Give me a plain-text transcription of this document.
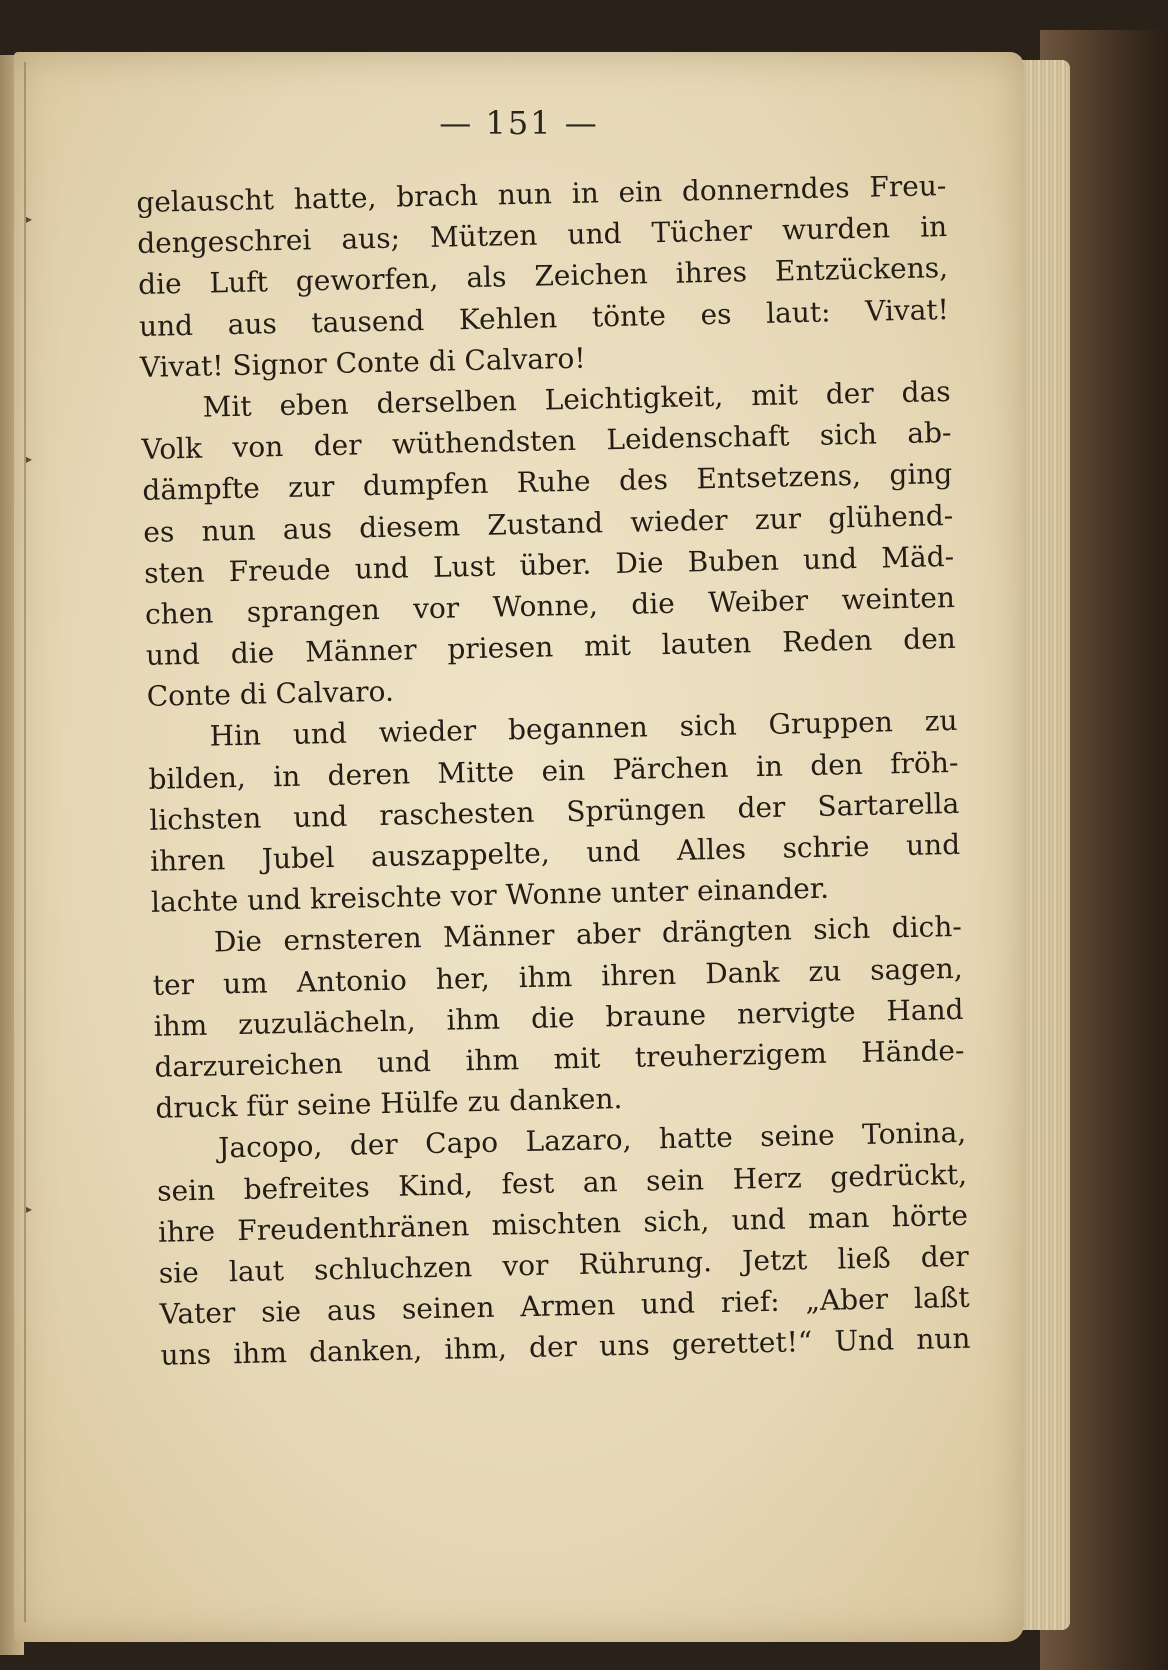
▸
▸
▸
— 151 —
gelauscht hatte, brach nun in ein donnerndes Freu-
dengeschrei aus; Mützen und Tücher wurden in
die Luft geworfen, als Zeichen ihres Entzückens,
und aus tausend Kehlen tönte es laut: Vivat!
Vivat! Signor Conte di Calvaro!
Mit eben derselben Leichtigkeit, mit der das
Volk von der wüthendsten Leidenschaft sich ab-
dämpfte zur dumpfen Ruhe des Entsetzens, ging
es nun aus diesem Zustand wieder zur glühend-
sten Freude und Lust über. Die Buben und Mäd-
chen sprangen vor Wonne, die Weiber weinten
und die Männer priesen mit lauten Reden den
Conte di Calvaro.
Hin und wieder begannen sich Gruppen zu
bilden, in deren Mitte ein Pärchen in den fröh-
lichsten und raschesten Sprüngen der Sartarella
ihren Jubel auszappelte, und Alles schrie und
lachte und kreischte vor Wonne unter einander.
Die ernsteren Männer aber drängten sich dich-
ter um Antonio her, ihm ihren Dank zu sagen,
ihm zuzulächeln, ihm die braune nervigte Hand
darzureichen und ihm mit treuherzigem Hände-
druck für seine Hülfe zu danken.
Jacopo, der Capo Lazaro, hatte seine Tonina,
sein befreites Kind, fest an sein Herz gedrückt,
ihre Freudenthränen mischten sich, und man hörte
sie laut schluchzen vor Rührung. Jetzt ließ der
Vater sie aus seinen Armen und rief: „Aber laßt
uns ihm danken, ihm, der uns gerettet!“ Und nun
